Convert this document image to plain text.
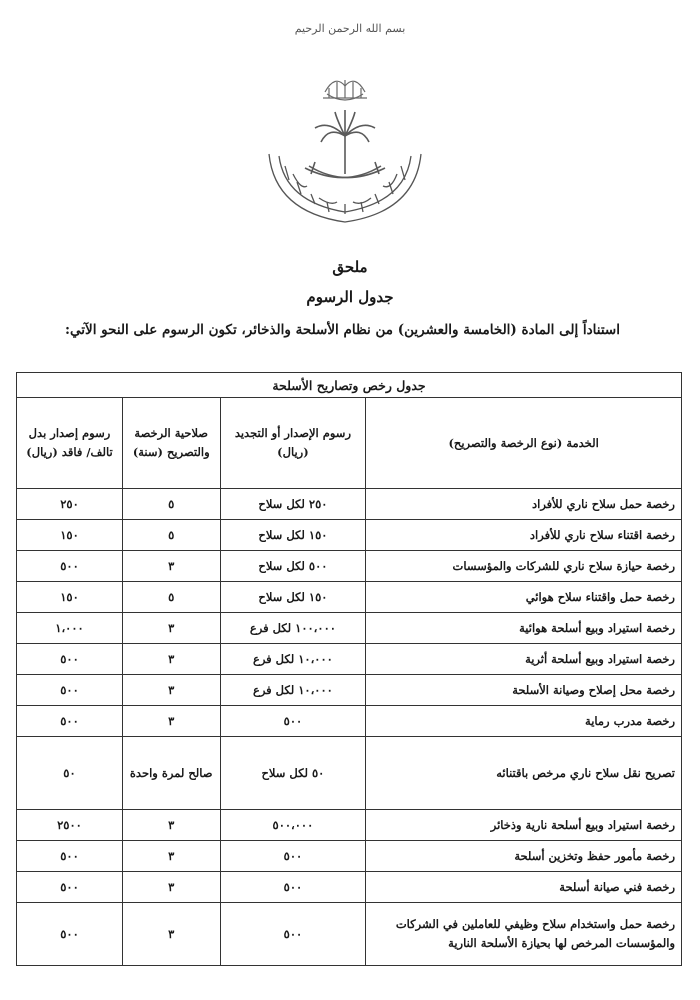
بسم الله الرحمن الرحيم
ملحق
جدول الرسوم
استناداً إلى المادة (الخامسة والعشرين) من نظام الأسلحة والذخائر، تكون الرسوم على النحو الآتي:
جدول رخص وتصاريح الأسلحة			
الخدمة (نوع الرخصة والتصريح)	رسوم الإصدار أو التجديد (ريال)	صلاحية الرخصة والتصريح (سنة)	رسوم إصدار بدل تالف/ فاقد (ريال)
رخصة حمل سلاح ناري للأفراد	٢٥٠ لكل سلاح	٥	٢٥٠
رخصة اقتناء سلاح ناري للأفراد	١٥٠ لكل سلاح	٥	١٥٠
رخصة حيازة سلاح ناري للشركات والمؤسسات	٥٠٠ لكل سلاح	٣	٥٠٠
رخصة حمل واقتناء سلاح هوائي	١٥٠ لكل سلاح	٥	١٥٠
رخصة استيراد وبيع أسلحة هوائية	١٠٠،٠٠٠ لكل فرع	٣	١،٠٠٠
رخصة استيراد وبيع أسلحة أثرية	١٠،٠٠٠ لكل فرع	٣	٥٠٠
رخصة محل إصلاح وصيانة الأسلحة	١٠،٠٠٠ لكل فرع	٣	٥٠٠
رخصة مدرب رماية	٥٠٠	٣	٥٠٠
تصريح نقل سلاح ناري مرخص باقتنائه	٥٠ لكل سلاح	صالح لمرة واحدة	٥٠
رخصة استيراد وبيع أسلحة نارية وذخائر	٥٠٠،٠٠٠	٣	٢٥٠٠
رخصة مأمور حفظ وتخزين أسلحة	٥٠٠	٣	٥٠٠
رخصة فني صيانة أسلحة	٥٠٠	٣	٥٠٠
رخصة حمل واستخدام سلاح وظيفي للعاملين في الشركات والمؤسسات المرخص لها بحيازة الأسلحة النارية	٥٠٠	٣	٥٠٠
